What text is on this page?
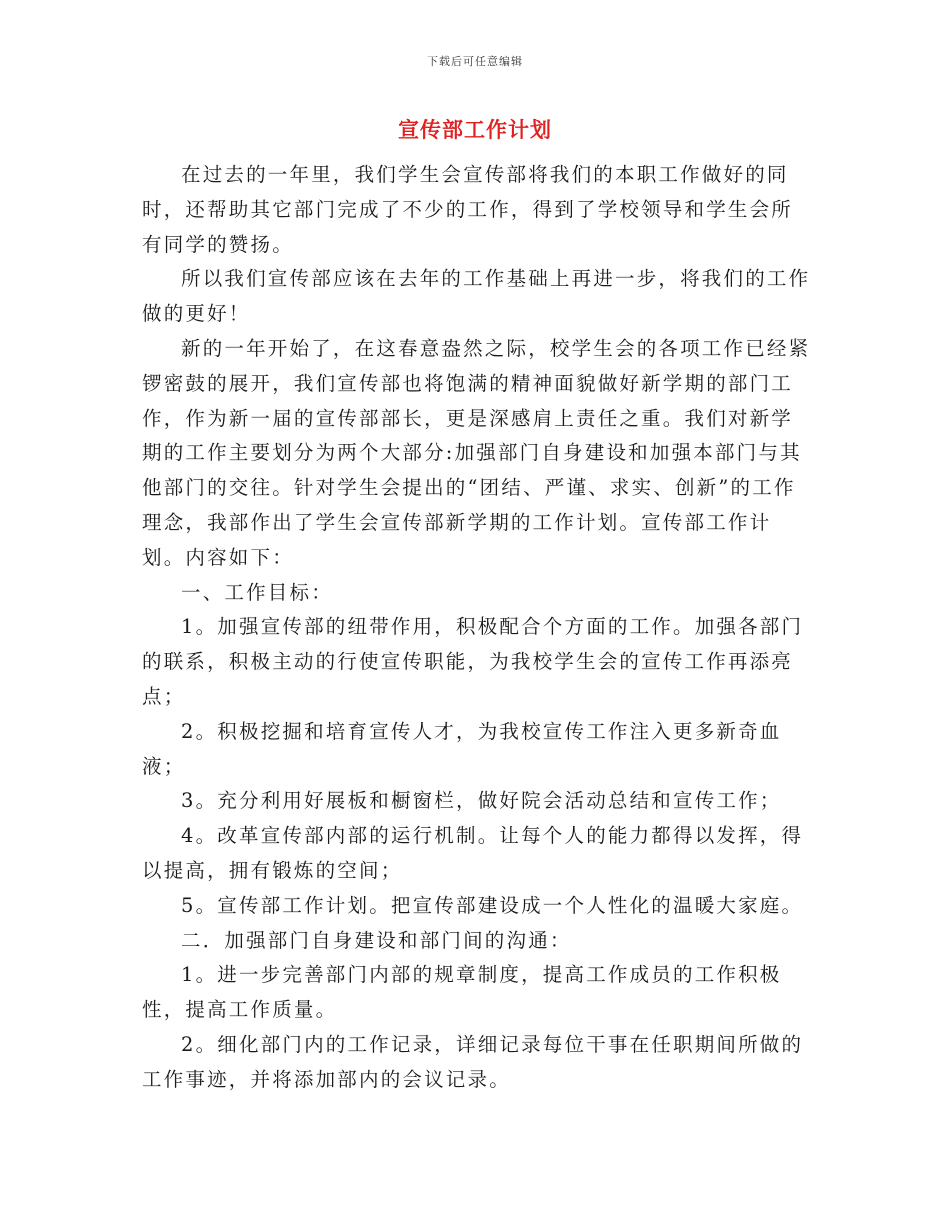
下载后可任意编辑
宣传部工作计划

在过去的一年里，我们学生会宣传部将我们的本职工作做好的同时，还帮助其它部门完成了不少的工作，得到了学校领导和学生会所有同学的赞扬。

所以我们宣传部应该在去年的工作基础上再进一步，将我们的工作做的更好！

新的一年开始了，在这春意盎然之际，校学生会的各项工作已经紧锣密鼓的展开，我们宣传部也将饱满的精神面貌做好新学期的部门工作，作为新一届的宣传部部长，更是深感肩上责任之重。我们对新学期的工作主要划分为两个大部分:加强部门自身建设和加强本部门与其他部门的交往。针对学生会提出的“团结、严谨、求实、创新”的工作理念，我部作出了学生会宣传部新学期的工作计划。宣传部工作计划。内容如下：

一、工作目标：

1。加强宣传部的纽带作用，积极配合个方面的工作。加强各部门的联系，积极主动的行使宣传职能，为我校学生会的宣传工作再添亮点；

2。积极挖掘和培育宣传人才，为我校宣传工作注入更多新奇血液；

3。充分利用好展板和橱窗栏，做好院会活动总结和宣传工作；

4。改革宣传部内部的运行机制。让每个人的能力都得以发挥，得以提高，拥有锻炼的空间；

5。宣传部工作计划。把宣传部建设成一个人性化的温暖大家庭。

二．加强部门自身建设和部门间的沟通：

1。进一步完善部门内部的规章制度，提高工作成员的工作积极性，提高工作质量。

2。细化部门内的工作记录，详细记录每位干事在任职期间所做的工作事迹，并将添加部内的会议记录。
